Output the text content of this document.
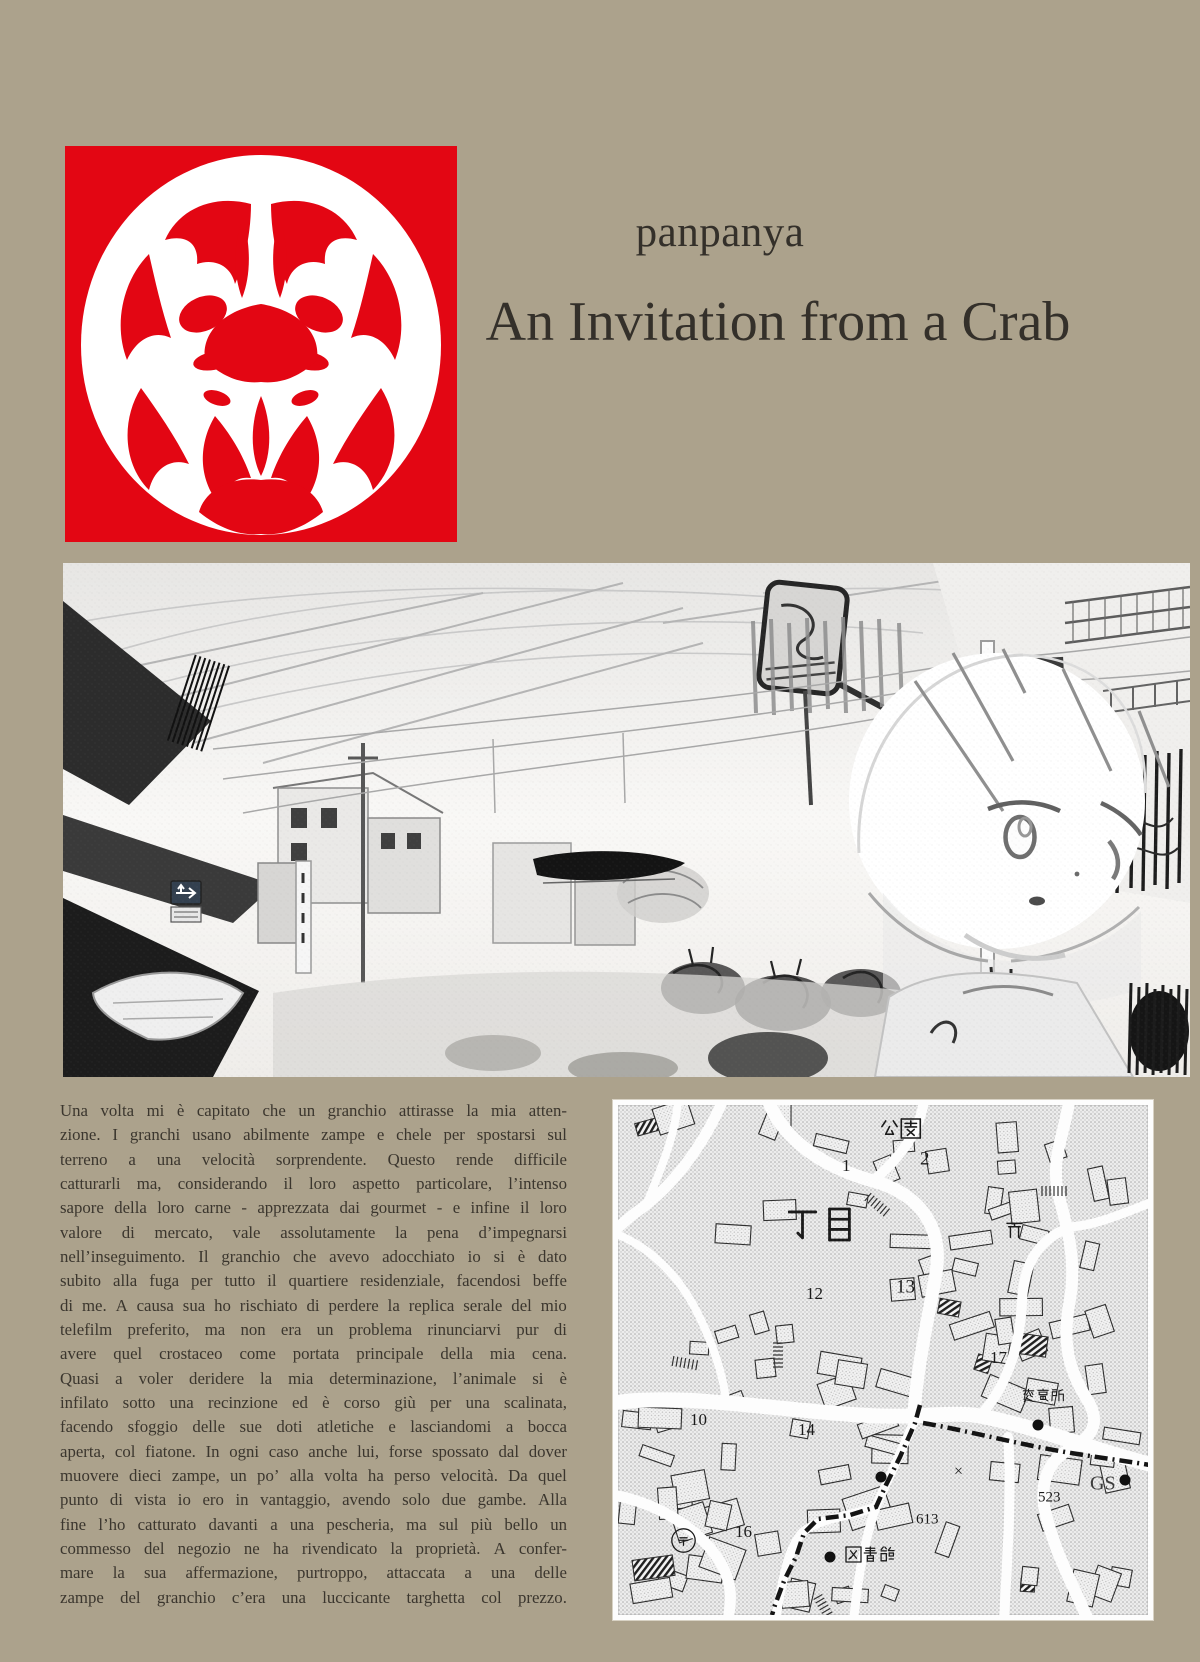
panpanya
An Invitation from a Crab
Una volta mi è capitato che un granchio attirasse la mia atten-
zione. I granchi usano abilmente zampe e chele per spostarsi sul
terreno a una velocità sorprendente. Questo rende difficile
catturarli ma, considerando il loro aspetto particolare, l’intenso
sapore della loro carne - apprezzata dai gourmet - e infine il loro
valore di mercato, vale assolutamente la pena d’impegnarsi
nell’inseguimento. Il granchio che avevo adocchiato io si è dato
subito alla fuga per tutto il quartiere residenziale, facendosi beffe
di me. A causa sua ho rischiato di perdere la replica serale del mio
telefilm preferito, ma non era un problema rinunciarvi pur di
avere quel crostaceo come portata principale della mia cena.
Quasi a voler deridere la mia determinazione, l’animale si è
infilato sotto una recinzione ed è corso giù per una scalinata,
facendo sfoggio delle sue doti atletiche e lasciandomi a bocca
aperta, col fiatone. In ogni caso anche lui, forse spossato dal dover
muovere dieci zampe, un po’ alla volta ha perso velocità. Da quel
punto di vista io ero in vantaggio, avendo solo due gambe. Alla
fine l’ho catturato davanti a una pescheria, ma sul più bello un
commesso del negozio ne ha rivendicato la proprietà. A confer-
mare la sua affermazione, purtroppo, attaccata a una delle
zampe del granchio c’era una luccicante targhetta col prezzo.
2
1
12	13
17
10
14
16
523
613
GS
×
